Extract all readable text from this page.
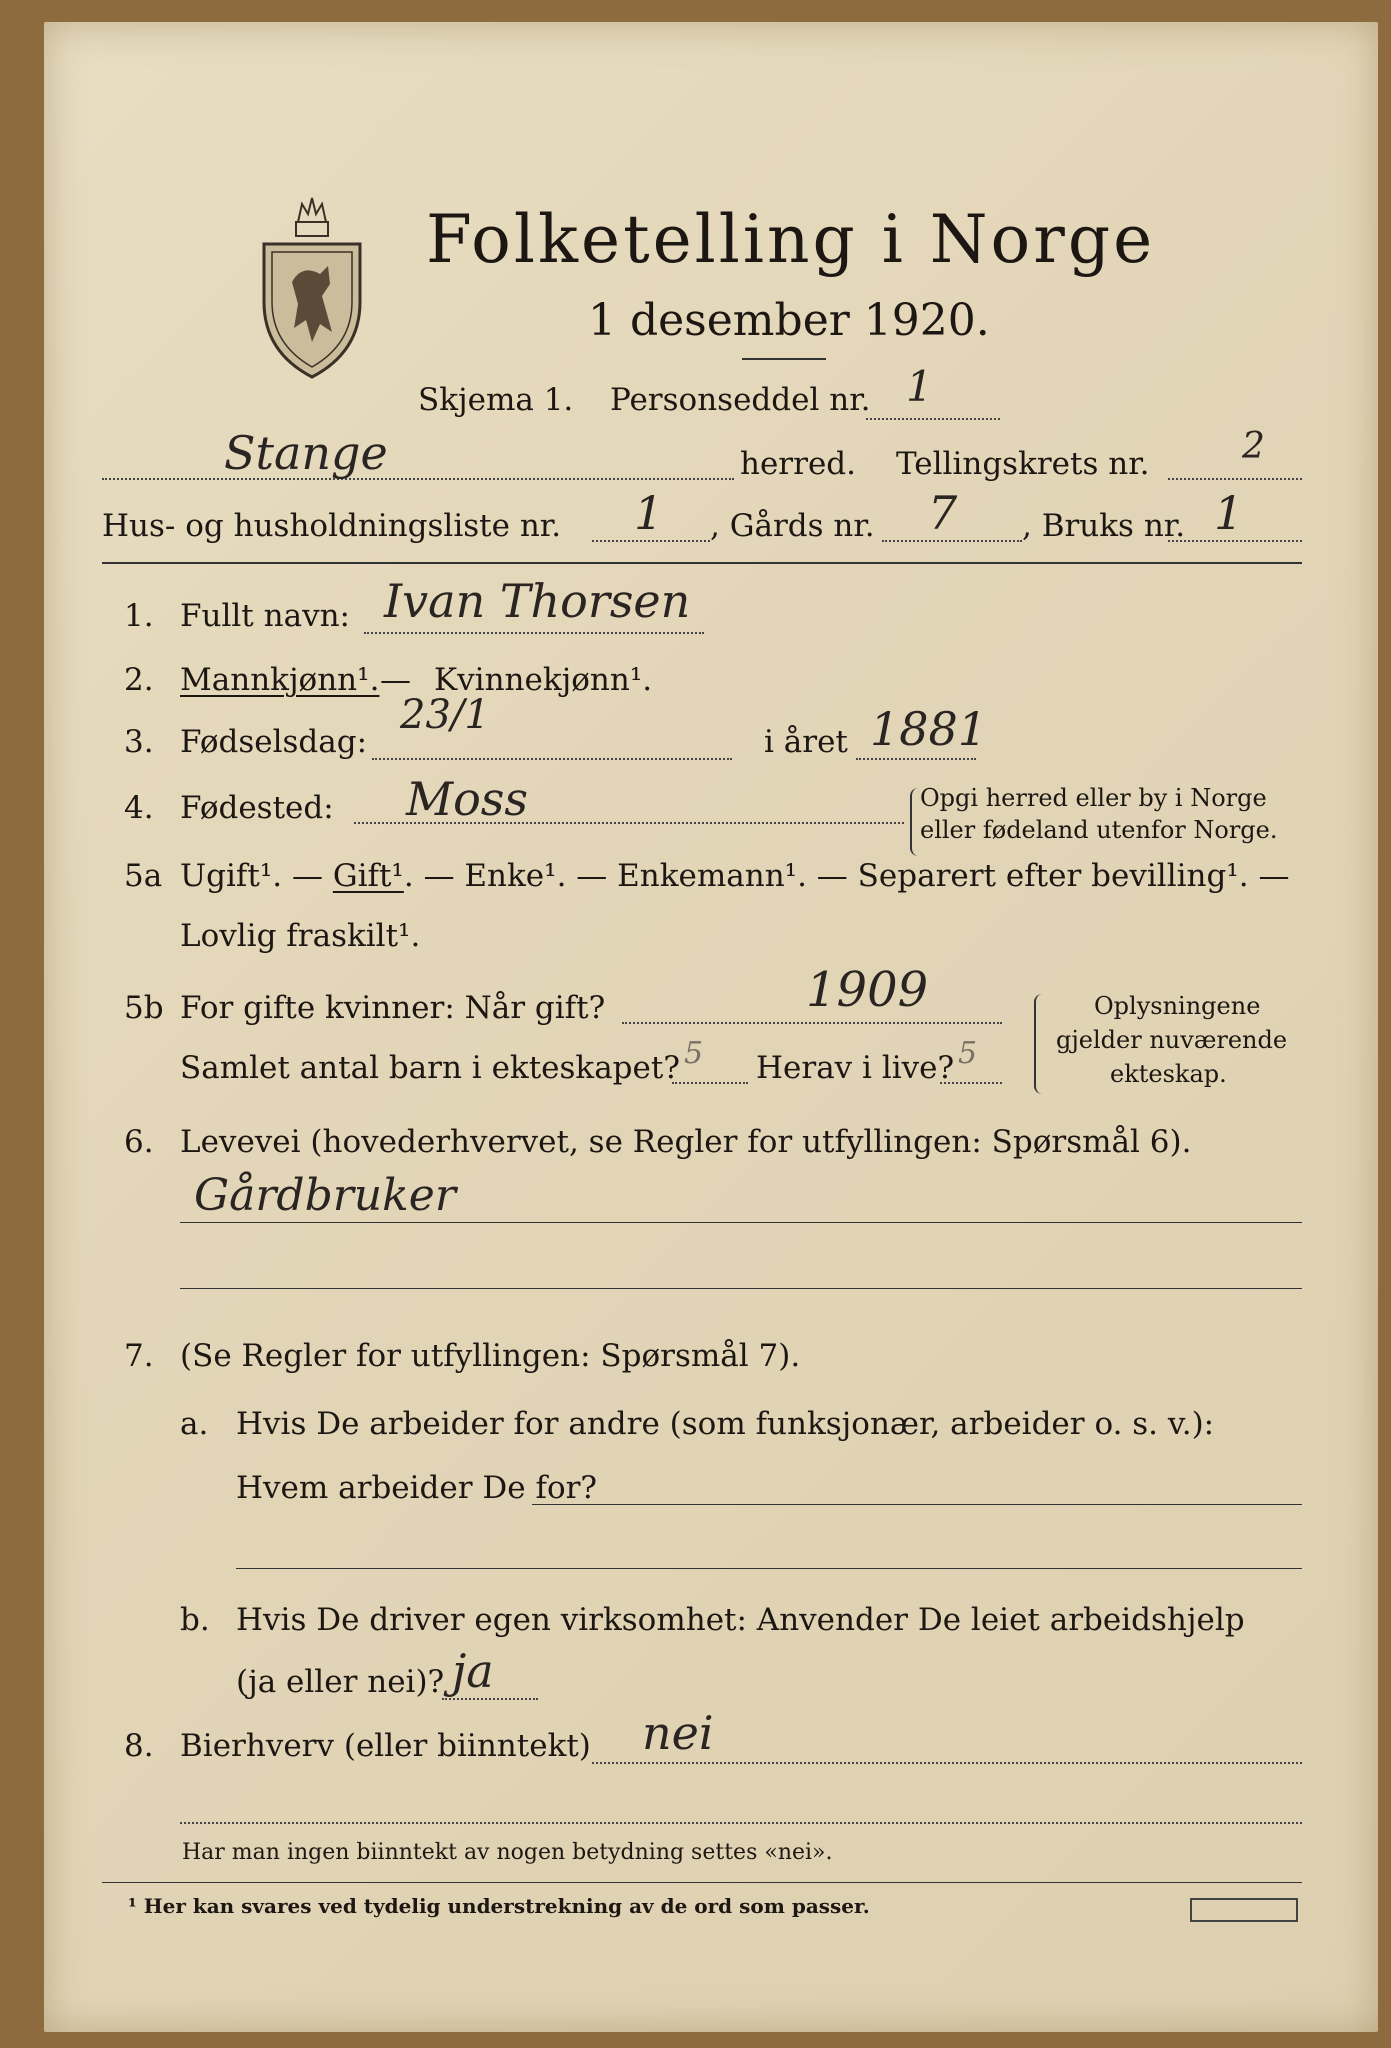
Folketelling i Norge
1 desember 1920.
Skjema 1. Personseddel nr. 1
Stange	herred. Tellingskrets nr.	2
Hus- og husholdningsliste nr. 1 , Gårds nr. 7 , Bruks nr. 1
1. Fullt navn: Ivan Thorsen
2. Mannkjønn¹. — Kvinnekjønn¹.
3. Fødselsdag:
23/1
i året 1881
4. Fødested: Moss	Opgi herred eller by i Norge
eller fødeland utenfor Norge.
5a Ugift¹. — Gift¹. — Enke¹. — Enkemann¹. — Separert efter bevilling¹. —
Lovlig fraskilt¹.
5b For gifte kvinner: Når gift?	1909
Samlet antal barn i ekteskapet? 5 Herav i live? 5
Oplysningene
gjelder nuværende
ekteskap.
6. Levevei (hovederhvervet, se Regler for utfyllingen: Spørsmål 6).
Gårdbruker
7. (Se Regler for utfyllingen: Spørsmål 7).
a. Hvis De arbeider for andre (som funksjonær, arbeider o. s. v.):
Hvem arbeider De for?
b. Hvis De driver egen virksomhet: Anvender De leiet arbeidshjelp
(ja eller nei)? ja
8. Bierhverv (eller biinntekt) nei
Har man ingen biinntekt av nogen betydning settes «nei».
¹ Her kan svares ved tydelig understrekning av de ord som passer.
